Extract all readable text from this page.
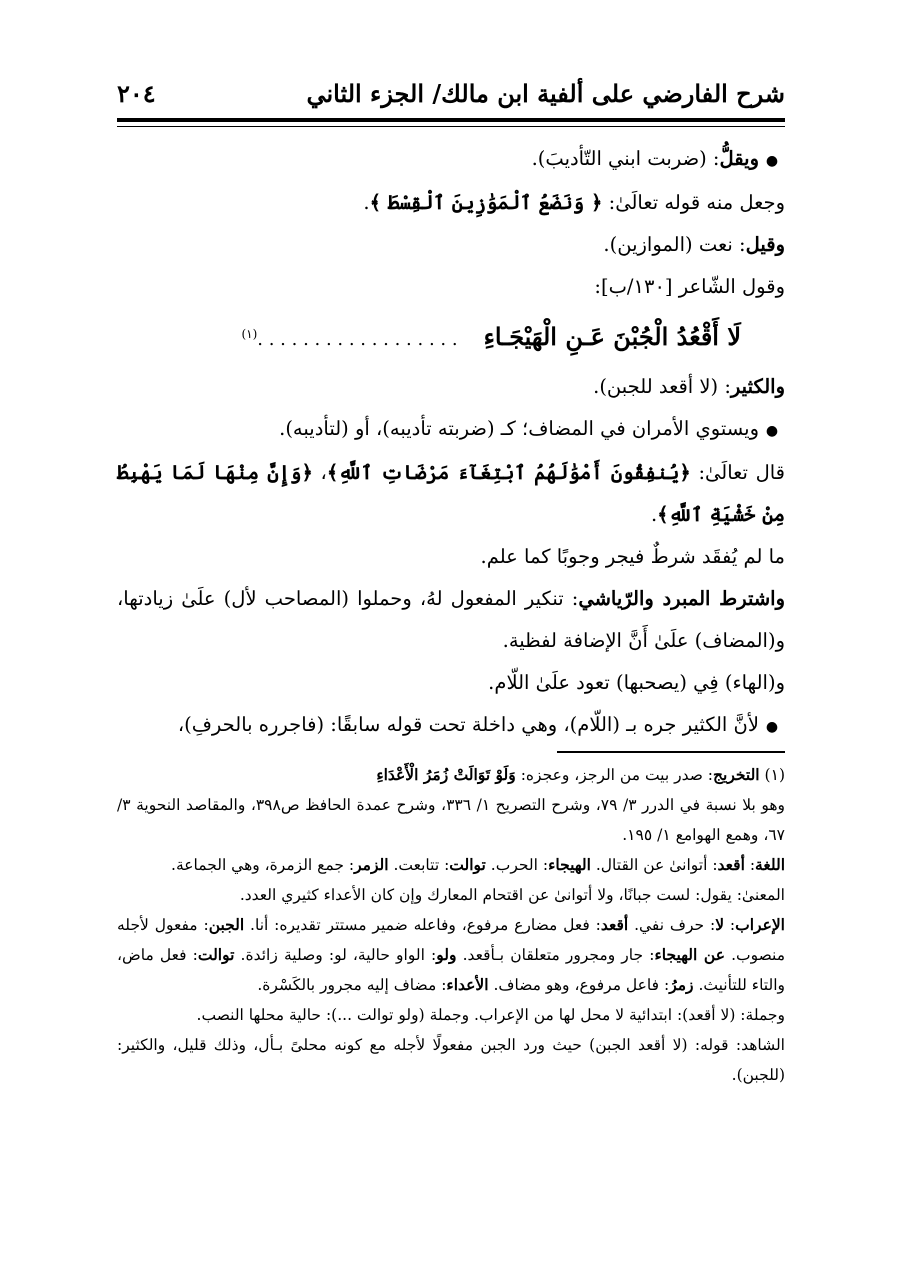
شرح الفارضي على ألفية ابن مالك/ الجزء الثاني
٢٠٤
●ويقلُّ: (ضربت ابني التّأديبَ).
وجعل منه قوله تعالَىٰ: ﴿ وَنَضَعُ ٱلْمَوَٰزِينَ ٱلْقِسْطَ ﴾.
وقيل: نعت (الموازين).
وقول الشّاعر [١٣٠/ب]:
لَا أَقْعُدُ الْجُبْنَ عَـنِ الْهَيْجَـاءِ
. . . . . . . . . . . . . . . . . .$^{(١)}$
والكثير: (لا أقعد للجبن).
●ويستوي الأمران في المضاف؛ كـ (ضربته تأديبه)، أو (لتأديبه).
قال تعالَىٰ: ﴿يُنفِقُونَ أَمْوَٰلَهُمُ ٱبْتِغَآءَ مَرْضَاتِ ٱللَّهِ﴾، ﴿وَإِنَّ مِنْهَا لَمَا يَهْبِطُ مِنْ خَشْيَةِ ٱللَّهِ﴾.
ما لم يُفقَد شرطٌ فيجر وجوبًا كما علم.
واشترط المبرد والرّياشي: تنكير المفعول لهُ، وحملوا (المصاحب لأل) علَىٰ زيادتها، و(المضاف) علَىٰ أَنَّ الإضافة لفظية.
و(الهاء) فِي (يصحبها) تعود علَىٰ اللّام.
●لأنَّ الكثير جره بـ (اللّام)، وهي داخلة تحت قوله سابقًا: (فاجرره بالحرفِ)،
(١) التخريج: صدر بيت من الرجز، وعجزه: وَلَوْ تَوَالَتْ زُمَرُ الْأَعْدَاءِ
وهو بلا نسبة في الدرر ٣/ ٧٩، وشرح التصريح ١/ ٣٣٦، وشرح عمدة الحافظ ص٣٩٨، والمقاصد النحوية ٣/ ٦٧، وهمع الهوامع ١/ ١٩٥.
اللغة: أقعد: أتوانىٰ عن القتال. الهيجاء: الحرب. توالت: تتابعت. الزمر: جمع الزمرة، وهي الجماعة.
المعنىٰ: يقول: لست جبانًا، ولا أتوانىٰ عن اقتحام المعارك وإن كان الأعداء كثيري العدد.
الإعراب: لا: حرف نفي. أقعد: فعل مضارع مرفوع، وفاعله ضمير مستتر تقديره: أنا. الجبن: مفعول لأجله منصوب. عن الهيجاء: جار ومجرور متعلقان بـأقعد. ولو: الواو حالية، لو: وصلية زائدة. توالت: فعل ماض، والتاء للتأنيث. زمرُ: فاعل مرفوع، وهو مضاف. الأعداء: مضاف إليه مجرور بالكَسْرة.
وجملة: (لا أقعد): ابتدائية لا محل لها من الإعراب. وجملة (ولو توالت ...): حالية محلها النصب.
الشاهد: قوله: (لا أقعد الجبن) حيث ورد الجبن مفعولًا لأجله مع كونه محلىً بـأل، وذلك قليل، والكثير: (للجبن).
